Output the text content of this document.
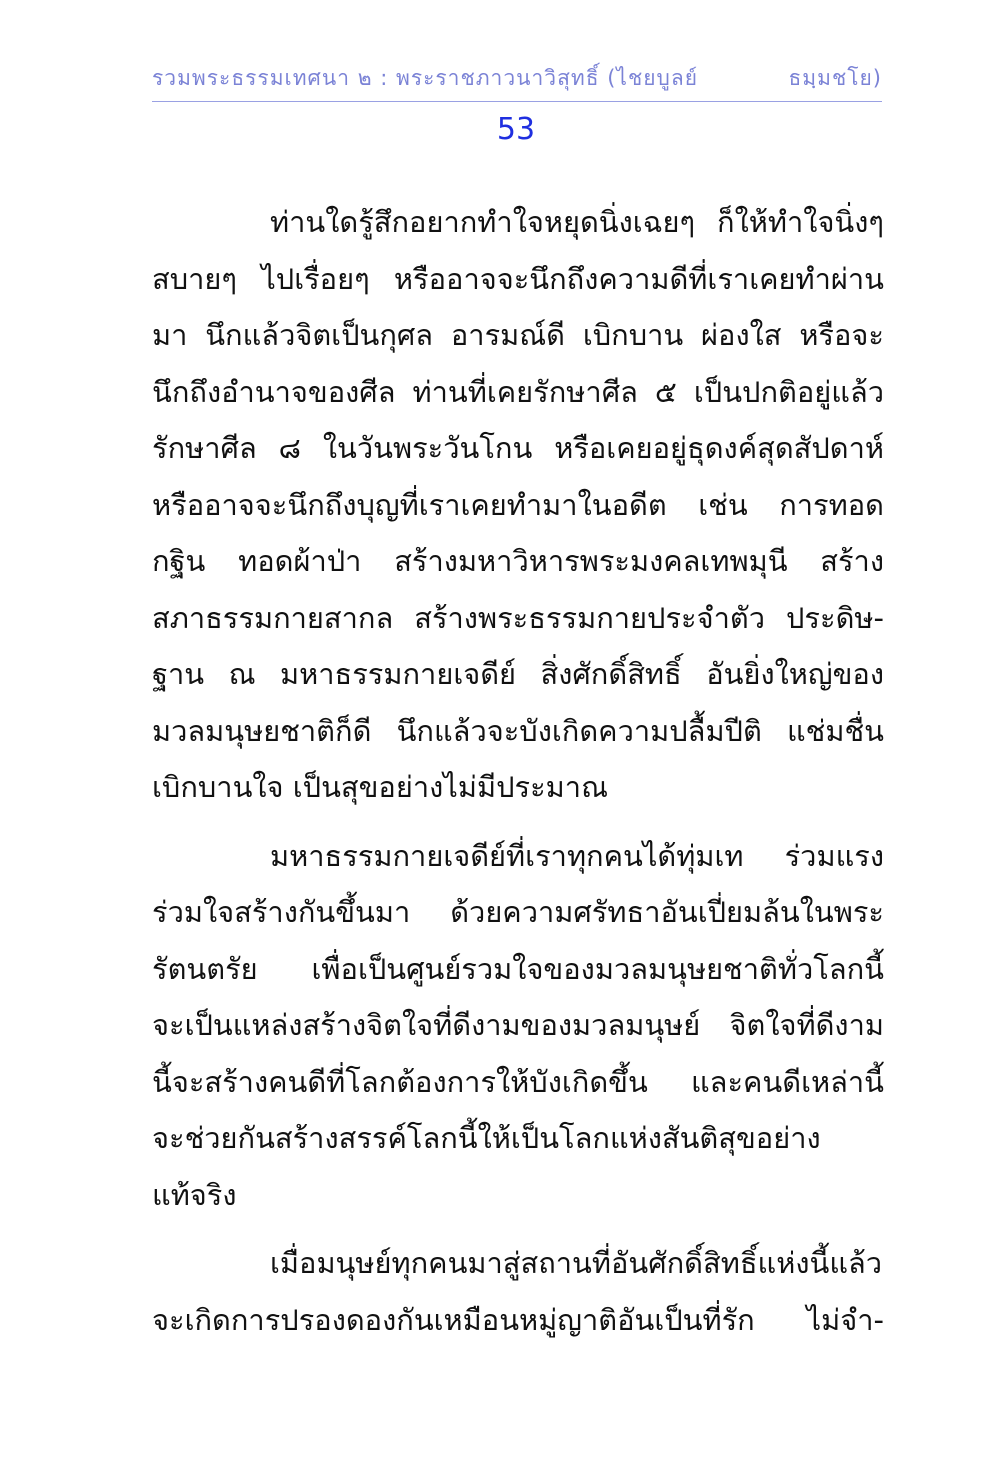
รวมพระธรรมเทศนา ๒ : พระราชภาวนาวิสุทธิ์ (ไชยบูลย์	ธมฺมชโย)
53
ท่านใดรู้สึกอยากทำใจหยุดนิ่งเฉยๆ ก็ให้ทำใจนิ่งๆ
สบายๆ ไปเรื่อยๆ หรืออาจจะนึกถึงความดีที่เราเคยทำผ่าน
มา นึกแล้วจิตเป็นกุศล อารมณ์ดี เบิกบาน ผ่องใส หรือจะ
นึกถึงอำนาจของศีล ท่านที่เคยรักษาศีล ๕ เป็นปกติอยู่แล้ว
รักษาศีล ๘ ในวันพระวันโกน หรือเคยอยู่ธุดงค์สุดสัปดาห์
หรืออาจจะนึกถึงบุญที่เราเคยทำมาในอดีต เช่น การทอด
กฐิน ทอดผ้าป่า สร้างมหาวิหารพระมงคลเทพมุนี สร้าง
สภาธรรมกายสากล สร้างพระธรรมกายประจำตัว ประดิษ-
ฐาน ณ มหาธรรมกายเจดีย์ สิ่งศักดิ์สิทธิ์ อันยิ่งใหญ่ของ
มวลมนุษยชาติก็ดี นึกแล้วจะบังเกิดความปลื้มปีติ แช่มชื่น
เบิกบานใจ เป็นสุขอย่างไม่มีประมาณ
มหาธรรมกายเจดีย์ที่เราทุกคนได้ทุ่มเท ร่วมแรง
ร่วมใจสร้างกันขึ้นมา ด้วยความศรัทธาอันเปี่ยมล้นในพระ
รัตนตรัย เพื่อเป็นศูนย์รวมใจของมวลมนุษยชาติทั่วโลกนี้
จะเป็นแหล่งสร้างจิตใจที่ดีงามของมวลมนุษย์ จิตใจที่ดีงาม
นี้จะสร้างคนดีที่โลกต้องการให้บังเกิดขึ้น และคนดีเหล่านี้
จะช่วยกันสร้างสรรค์โลกนี้ให้เป็นโลกแห่งสันติสุขอย่าง
แท้จริง
เมื่อมนุษย์ทุกคนมาสู่สถานที่อันศักดิ์สิทธิ์แห่งนี้แล้ว
จะเกิดการปรองดองกันเหมือนหมู่ญาติอันเป็นที่รัก ไม่จำ-
